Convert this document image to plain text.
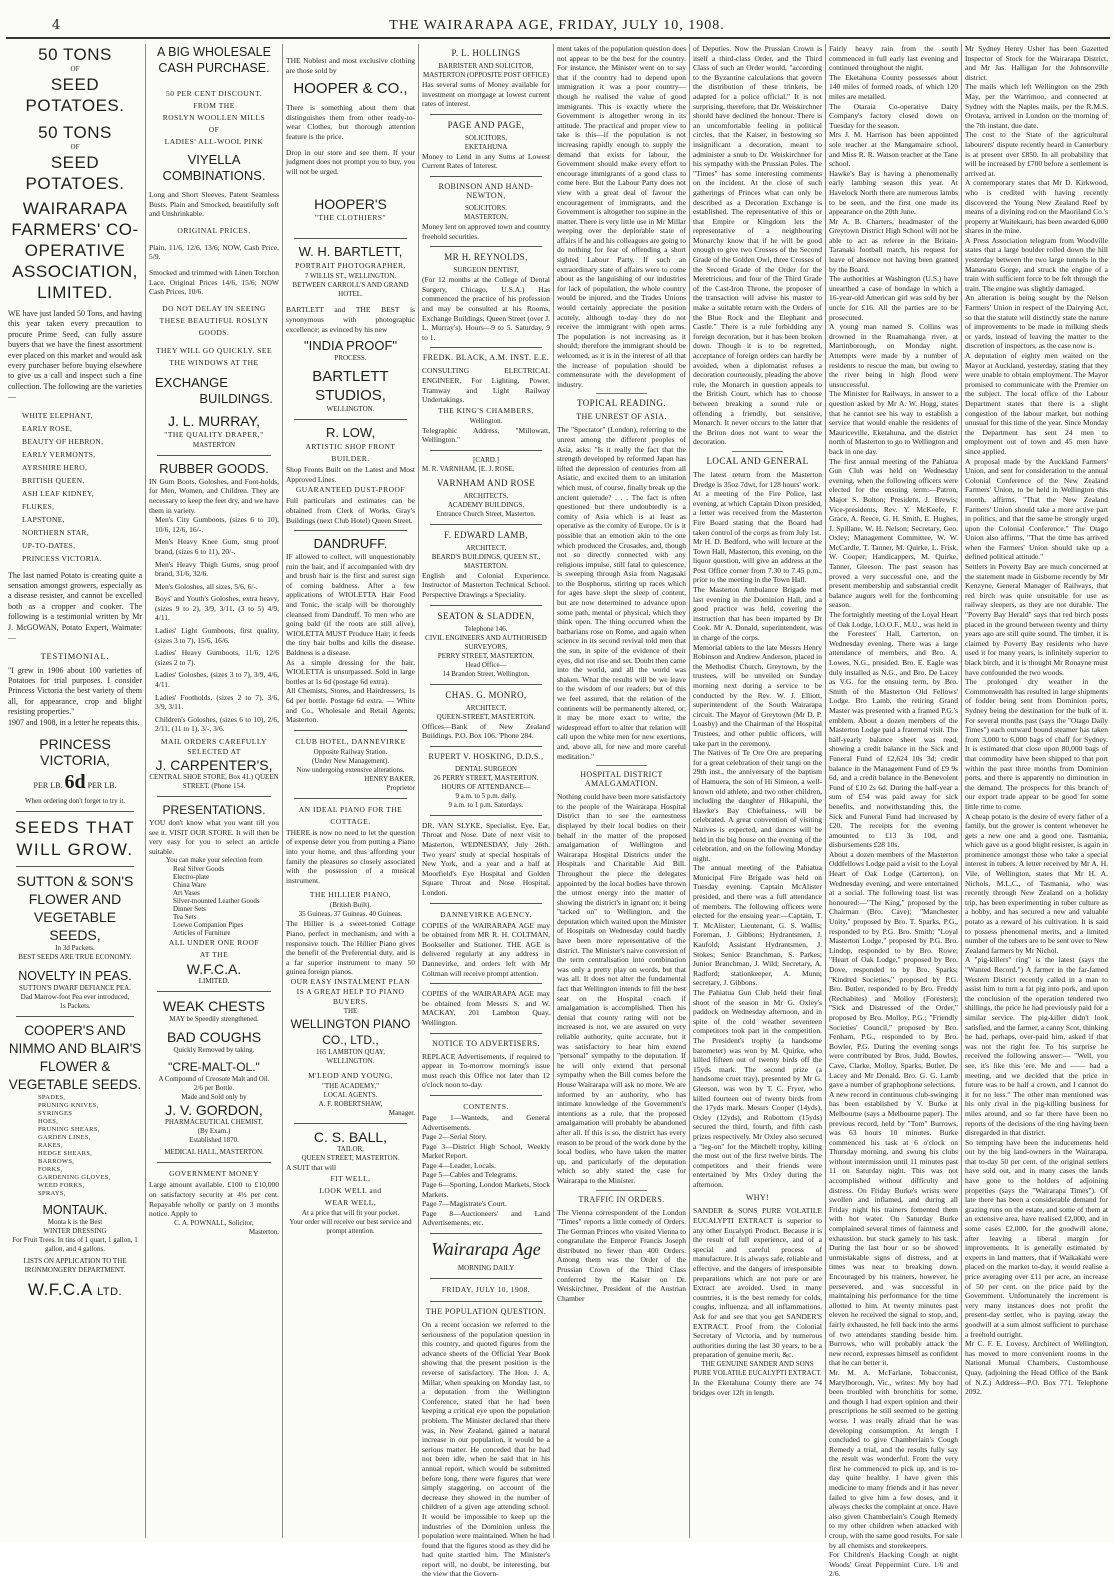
4	THE WAIRARAPA AGE, FRIDAY, JULY 10, 1908.
50 TONS
OF
SEED POTATOES.
50 TONS
OF
SEED POTATOES.
WAIRARAPA FARMERS' CO-OPERATIVE ASSOCIATION, LIMITED.
WE have just landed 50 Tons, and having this year taken every precaution to procure Prime Seed, can fully assure buyers that we have the finest assortment ever placed on this market and would ask every purchaser before buying elsewhere to give us a call and inspect such a fine collection. The following are the varieties —
WHITE ELEPHANT,
EARLY ROSE,
BEAUTY OF HEBRON,
EARLY VERMONTS,
AYRSHIRE HERO,
BRITISH QUEEN,
ASH LEAF KIDNEY,
FLUKES,
LAPSTONE,
NORTHERN STAR,
UP-TO-DATES,
PRINCESS VICTORIA.
The last named Potato is creating quite a sensation amongst growers, especially as a disease resister, and cannot be excelled both as a cropper and cooker. The following is a testimonial written by Mr J. McGOWAN, Potato Expert, Waimate:—
TESTIMONIAL.
"I grew in 1906 about 100 varieties of Potatoes for trial purposes. I consider Princess Victoria the best variety of them all, for appearance, crop and blight resisting properties."
1907 and 1908, in a letter he repeats this.
PRINCESS VICTORIA,
PER LB. 6d PER LB.
When ordering don't forget to try it.
SEEDS THAT WILL GROW.
SUTTON & SON'S FLOWER AND VEGETABLE SEEDS,
In 3d Packets.
BEST SEEDS ARE TRUE ECONOMY.
NOVELTY IN PEAS.
SUTTON'S DWARF DEFIANCE PEA.
Dad Marrow-foot Pea ever introduced,
1s Packets.
COOPER'S AND NIMMO AND BLAIR'S FLOWER & VEGETABLE SEEDS.
SPADES,
PRUNING KNIVES,
SYRINGES
HOES,
PRUNING SHEARS,
GARDEN LINES,
RAKES,
HEDGE SHEARS,
BARROWS,
FORKS,
GARDENING GLOVES,
WEED FORKS,
SPRAYS,
MONTAUK.
Monta k is the Best
WINTER DRESSING
For Fruit Trees. In tins of 1 quart, 1 gallon, 1 gallon, and 4 gallons.
LISTS ON APPLICATION TO THE IRONMONGERY DEPARTMENT.
W.F.C.A LTD.
A BIG WHOLESALE
CASH PURCHASE.
50 PER CENT DISCOUNT.
FROM THE
ROSLYN WOOLLEN MILLS
OF
LADIES' ALL-WOOL PINK
VIYELLA
COMBINATIONS.
Long and Short Sleeves, Patent Seamless Busts. Plain and Smocked, beautifully soft and Unshrinkable.
ORIGINAL PRICES.
Plain, 11/6, 12/6, 13/6; NOW, Cash Price, 5/9.
Smocked and trimmed with Linen Torchon Lace. Original Prices 14/6, 15/6; NOW Cash Prices, 10/6.
DO NOT DELAY IN SEEING THESE BEAUTIFUL ROSLYN GOODS.
THEY WILL GO QUICKLY. SEE THE WINDOWS AT THE
EXCHANGE
BUILDINGS.
J. L. MURRAY,
"THE QUALITY DRAPER,"
MASTERTON
RUBBER GOODS.
IN Gum Boots, Goloshes, and Foot-holds, for Men, Women, and Children. They are necessary to keep the feet dry, and we have them in variety.

Men's City Gumboots, (sizes 6 to 10), 10/6, 12/6, 16/-.

Men's Heavy Knee Gum, snug proof brand, (sizes 6 to 11), 20/-.

Men's Heavy Thigh Gums, snug proof brand, 31/6, 32/6.

Men's Goloshes, all sizes, 5/6, 6/-.

Boys' and Youth's Goloshes, extra heavy, (sizes 9 to 2), 3/9, 3/11, (3 to 5) 4/9, 4/11.

Ladies' Light Gumboots, first quality, (sizes 3 to 7), 15/6, 16/6.

Ladies' Heavy Gumboots, 11/6, 12/6 (sizes 2 to 7).

Ladies' Goloshes, (sizes 3 to 7), 3/9, 4/6, 4/11.

Ladies' Footholds, (sizes 2 to 7), 3/6, 3/9, 3/11.

Children's Goloshes, (sizes 6 to 10), 2/6, 2/11, (11 to 1), 3/-, 3/6.

MAIL ORDERS CAREFULLY SELECTED AT
J. CARPENTER'S,
CENTRAL SHOE STORE, Box 41.) QUEEN STREET. (Phone 154.
PRESENTATIONS.
YOU don't know what you want till you see it. VISIT OUR STORE. It will then be very easy for you to select an article suitable.
You can make your selection from
Real Silver Goods
Electro-plate
China Ware
Art Vases
Silver-mounted Leather Goods
Dinner Sets
Tea Sets
Loewe Companion Pipes
Articles of Furniture
ALL UNDER ONE ROOF
AT THE
W.F.C.A.
LIMITED.
WEAK CHESTS
MAY be Speedily strengthened.
BAD COUGHS
Quickly Removed by taking.
"CRE-MALT-OL."
A Compound of Creosote Malt and Oil.
2/6 per Bottle.
Made and Sold only by
J. V. GORDON,
PHARMACEUTICAL CHEMIST,
(By Exam.)
Established 1870.
MEDICAL HALL, MASTERTON.
GOVERNMENT MONEY
Large amount available. £100 to £10,000 on satisfactory security at 4½ per cent. Repayable wholly or partly on 3 months notice. Apply to
C. A. POWNALL, Solicitor,
Masterton.
THE Noblest and most exclusive clothing are those sold by
HOOPER & CO.,
There is something about them that distinguishes them from other ready-to-wear Clothes, but thorough attention feature is the price.
Drop in our store and see them. If your judgment does not prompt you to buy, you will not be urged.
HOOPER'S
"THE CLOTHIERS"
W. H. BARTLETT,
PORTRAIT PHOTOGRAPHER,
7 WILLIS ST., WELLINGTON.
BETWEEN CARROLL'S AND GRAND HOTEL.
BARTLETT and THE BEST is synonymous with photographic excellence; as evinced by his new
"INDIA PROOF"
PROCESS.
BARTLETT STUDIOS,
WELLINGTON.
R. LOW,
ARTISTIC SHOP FRONT BUILDER.
Shop Fronts Built on the Latest and Most Approved Lines.
GUARANTEED DUST-PROOF
Full particulars and estimates can be obtained from Clerk of Works, Gray's Buildings (next Club Hotel) Queen Street.
DANDRUFF.
IF allowed to collect, will unquestionably ruin the hair, and if accompanied with dry and brush hair is the first and surest sign of coming baldness. After a few applications of WIOLETTA Hair Food and Tonic, the scalp will be thoroughly cleansed from Dandruff. To men who are going bald (if the roots are still alive), WIOLETTA MUST Produce Hair; it feeds the tiny hair bulbs and kills the disease. Baldness is a disease.
As a simple dressing for the hair, WIOLETTA is unsurpassed. Sold in large bottles at 1s 6d (postage 6d extra).
All Chemists, Stores, and Hairdressers, 1s 6d per bottle. Postage 6d extra. — White and Co., Wholesale and Retail Agents, Masterton.
CLUB HOTEL, DANNEVIRKE
Opposite Railway Station.
(Under New Management).
Now undergoing extensive alterations.
HENRY BAKER,
Proprietor
AN IDEAL PIANO FOR THE COTTAGE.
THERE is now no need to let the question of expense deter you from putting a Piano into your home, and thus affording your family the pleasures so closely associated with the possession of a musical instrument.
THE HILLIER PIANO,
(British Built).
35 Guineas. 37 Guineas. 40 Guineas.
The Hillier is a sweet-toned Cottage Piano, perfect in mechanism, and with a responsive touch. The Hillier Piano gives the benefit of the Preferential duty, and is a far superior instrument to many 50 guinea foreign pianos.
OUR EASY INSTALMENT PLAN IS A GREAT HELP TO PIANO BUYERS.
THE
WELLINGTON PIANO CO., LTD.,
165 LAMBTON QUAY,
WELLINGTON.
M'LEOD AND YOUNG,
"THE ACADEMY,"
LOCAL AGENTS.
A. F. ROBERTSHAW,
Manager.
C. S. BALL,
TAILOR,
QUEEN STREET, MASTERTON.
A SUIT that will
FIT WELL,
LOOK WELL and
WEAR WELL,
At a price that will fit your pocket.
Your order will receive our best service and prompt attention.
P. L. HOLLINGS
BARRISTER AND SOLICITOR,
MASTERTON (OPPOSITE POST OFFICE)
Has several sums of Money available for investment on mortgage at lowest current rates of interest.
PAGE AND PAGE,
SOLICITORS,
EKETAHUNA
Money to Lend in any Sums at Lowest Current Rates of Interest.
ROBINSON AND HAND-NEWTON,
SOLICITORS.
MASTERTON.
Money lent on approved town and country freehold securities.
MR H. REYNOLDS,
SURGEON DENTIST,
(For 12 months at the College of Dental Surgery, Chicago, U.S.A.) Has commenced the practice of his profession and may be consulted at his Rooms, Exchange Buildings, Queen Street (over J. L. Murray's). Hours—9 to 5. Saturday, 9 to 1.
FREDK. BLACK, A.M. INST. E.E.
CONSULTING ELECTRICAL ENGINEER, For Lighting, Power, Tramway and Light Railway Undertakings.
THE KING'S CHAMBERS,
Wellington.
Telegraphic Address, "Millowatt, Wellington."
[CARD.]
M. R. VARNHAM, [E. J. ROSE.
VARNHAM AND ROSE
ARCHITECTS,
ACADEMY BUILDINGS,
Entrance Church Street, Masterton.
F. EDWARD LAMB,
ARCHITECT,
BEARD'S BUILDINGS, QUEEN ST., MASTERTON.
English and Colonial Experience. Instructor of Masterton Technical School. Perspective Drawings a Speciality.
SEATON & SLADDEN,
Telephone 146.
CIVIL ENGINEERS AND AUTHORISED SURVEYORS,
PERRY STREET, MASTERTON,
Head Office—
14 Brandon Street, Wellington.
CHAS. G. MONRO,
ARCHITECT,
QUEEN-STREET, MASTERTON.
Offices—Bank of New Zealand Buildings. P.O. Box 106. 'Phone 284.
RUPERT V. HOSKING, D.D.S.,
DENTAL SURGEON
26 PERRY STREET, MASTERTON.
HOURS OF ATTENDANCE—
9 a.m. to 5 p.m. daily.
9 a.m. to 1 p.m. Saturdays.
DR. VAN SLYKE, Specialist, Eye, Ear, Throat and Nose. Date of next visit to Masterton, WEDNESDAY, July 26th. Two years' study at special hospitals of New York, and a year and a half at Moorfield's Eye Hospital and Golden Square Throat and Nose Hospital, London.
DANNEVIRKE AGENCY.
COPIES of the WAIRARAPA AGE may be obtained from MR R. H. COLTMAN, Bookseller and Stationer. THE AGE is delivered regularly at any address in Dannevirke, and orders left with Mr Coltman will receive prompt attention.
COPIES of the WAIRARAPA AGE may be obtained from Messrs S. and W. MACKAY, 201 Lambton Quay, Wellington.
NOTICE TO ADVERTISERS.
REPLACE Advertisements, if required to appear in To-morrow morning's issue must reach this Office not later than 12 o'clock noon to-day.
CONTENTS.
Page 1—Wanteds, and General Advertisements.
Page 2—Serial Story.
Page 3—District High School, Weekly Market Report.
Page 4—Leader, Locals.
Page 5—Cables and Telegrams.
Page 6—Sporting, London Markets, Stock Markets.
Page 7—Magistrate's Court.
Page 8—Auctioneers' and Land Advertisements, etc.
Wairarapa Age
MORNING DAILY
FRIDAY, JULY 10, 1908.
THE POPULATION QUESTION.
On a recent occasion we referred to the seriousness of the population question in this country, and quoted figures from the advance sheets of the Official Year Book showing that the present position is the reverse of satisfactory. The Hon. J. A. Millar, when speaking on Monday last, to a deputation from the Wellington Conference, stated that he had been keeping a critical eye upon the population problem. The Minister declared that there was, in New Zealand, gained a natural increase in our population, it would be a serious matter. He conceded that he had not been idle, when he said that in his annual report, which would be submitted before long, there were figures that were simply staggering, on account of the decrease they showed in the number of children of a given age attending school. It would be impossible to keep up the industries of the Dominion unless the population were maintained. When he had found that the figures stood as they did he had quite startled him. The Minister's report will, no doubt, be interesting, but the view that the Govern-
ment takes of the population question does not appear to be the best for the country. For instance, the Minister went on to say that if the country had to depend upon immigration it was a poor country—though he realised the value of good immigrants. This is exactly where the Government is altogether wrong in its attitude. The practical and proper view to take is this—if the population is not increasing rapidly enough to supply the demand that exists for labour, the Government should make every effort to encourage immigrants of a good class to come here. But the Labour Party does not view with a great deal of favour the encouragement of immigrants, and the Government is altogether too supine in the matter. There is very little use in Mr Millar weeping over the deplorable state of affairs if he and his colleagues are going to do nothing for fear of offending a short sighted Labour Party. If such an extraordinary state of affairs were to come about as the languishing of our industries for lack of population, the whole country would be injured, and the Trades Unions would certainly appreciate the position acutely, although to-day they do not receive the immigrant with open arms. The population is not increasing as it should; therefore the immigrant should be welcomed, as it is in the interest of all that the increase of population should be commensurate with the development of industry.
TOPICAL READING.
THE UNREST OF ASIA.
The "Spectator" (London), referring to the unrest among the different peoples of Asia, asks: "Is it really the fact that the strength developed by reformed Japan has lifted the depression of centuries from all Asiatic, and excited them to an imitation which must, of course, finally break up the ancient quietude? . . . The fact is often questioned but there undoubtedly is a comity of Asia which is at least as operative as the comity of Europe. Or is it possible that an emotion akin to the one which produced the Crusades, and, though not so directly connected with any religious impulse, still fatal to quiescence, is sweeping through Asia from Nagasaki to the Bosphorus, stirring up races which for ages have slept the sleep of content, but are now determined to advance upon some path, mental or physical, which they think open. The thing occurred when the barbarians rose on Rome, and again when science in its second revival told men that the sun, in spite of the evidence of their eyes, did not rise and set. Doubt then came into the world, and all the world was shaken. What the results will be we leave to the wisdom of our readers; but of this we feel assured, that the relation of the continents will be permanently altered, or, it may be more exact to write, the widespread effort to alter that relation will call upon the white men for new exertions, and, above all, for new and more careful meditation."
HOSPITAL DISTRICT AMALGAMATION.
Nothing could have been more satisfactory to the people of the Wairarapa Hospital District than to see the earnestness displayed by their local bodies on their behalf in the matter of the proposed amalgamation of Wellington and Wairarapa Hospital Districts under the Hospitals and Charitable Aid Bill. Throughout the piece the delegates appointed by the local bodies have thrown the utmost energy into the matter of showing the district's in ignant on; it being "tacked on" to Wellington, and the deputation which waited upon the Minister of Hospitals on Wednesday could hardly have been more representative of the district. The Minister's naive conversion of the term centralisation into combination was only a pretty play on words, but that was all. It does not alter the fundamental fact that Wellington intends to fill the best seat on the Hospital coach if amalgamation is accomplished. Then his denial that county rating will not be increased is not, we are assured on very reliable authority, quite accurate, but it was satisfactory to hear him extend "personal" sympathy to the deputation. If he will only extend that personal sympathy when the Bill comes before the House Wairarapa will ask no more. We are informed by an authority, who has intimate knowledge of the Government's intentions as a rule, that the proposed amalgamation will probably be abandoned after all. If this is so, the district has every reason to be proud of the work done by the local bodies, who have taken the matter up, and particularly of the deputation which so ably stated the case for Wairarapa to the Minister.
TRAFFIC IN ORDERS.
The Vienna correspondent of the London "Times" reports a little comedy of Orders. The German Princes who visited Vienna to congratulate the Emperor Francis Joseph distributed no fewer than 400 Orders. Among them was the Order of the Prussian Crown of the Third Class conferred by the Kaiser on Dr. Weiskirchner, President of the Austrian Chamber
of Deputies. Now the Prussian Crown is itself a third-class Order, and the Third Class of such an Order would, "according to the Byzantine calculations that govern the distribution of these trinkets, be adapted for a police official." It is not surprising, therefore, that Dr. Weiskirchner should have declined the honour. There is an uncomfortable feeling in political circles, that the Kaiser, in bestowing so insignificant a decoration, meant to administer a snub to Dr. Weiskirchner for his sympathy with the Prussian Poles. The "Times" has some interesting comments on the incident. At the close of such gatherings of Princes what can only be described as a Decoration Exchange is established. The representative of this or that Empire or Kingdom lets the representative of a neighbouring Monarchy know that if he will be good enough to give two Crosses of the Second Grade of the Golden Owl, three Crosses of the Second Grade of the Order for the Meretricious, and four of the Third Grade of the Cast-Iron Throne, the proposer of the transaction will advise his master to make a suitable return with the Orders of the Blue Rock and the Elephant and Castle." There is a rule forbidding any foreign decoration, but it has been broken down. Though it is to be regretted, acceptance of foreign orders can hardly be avoided, when a diplomatist refuses a decoration courteously, pleading the above rule, the Monarch in question appeals to the British Court, which has to choose between breaking a sound rule or offending a friendly, but sensitive, Monarch. It never occurs to the latter that the Briton does not want to wear the decoration.
LOCAL AND GENERAL
The latest return from the Masterton Dredge is 35oz 7dwt, for 128 hours' work.
At a meeting of the Fire Police, last evening, at which Captain Dixon presided, a letter was received from the Masterton Fire Board stating that the Board had taken control of the corps as from July 1st.
Mr H. D. Bedford, who will lecture at the Town Hall, Masterton, this evening, on the liquor question, will give an address at the Post Office corner from 7.30 to 7.45 p.m., prior to the meeting in the Town Hall.
The Masterton Ambulance Brigade met last evening in the Dominion Hall, and a good practice was held, covering the instruction that has been imparted by Dr Cook. Mr A. Donald, superintendent, was in charge of the corps.
Memorial tablets to the late Messrs Henry Robinson and Andrew Anderson, placed in the Methodist Church, Greytown, by the trustees, will be unveiled on Sunday morning next during a service to be conducted by the Rev. W. J. Elliott, superintendent of the South Wairarapa circuit. The Mayor of Greytown (Mr D. P. Loasby) and the Chairman of the Hospital Trustees, and other public officers, will take part in the ceremony.
The Natives of Te Ore Ore are preparing for a great celebration of their tangi on the 29th inst., the anniversary of the baptism of Hamuera, the son of Hi Simeon, a well-known old athlete, and two other children, including the daughter of Hikapuhi, the Hawke's Bay Chieftainess, will be celebrated. A great convention of visiting Natives is expected, and dances will be held in the big house on the evening of the celebration, and on the following Monday night.
The annual meeting of the Pahiatua Municipal Fire Brigade was held on Tuesday evening. Captain McAlister presided, and there was a full attendance of members. The following officers were elected for the ensuing year:—Captain, T. T. McAlister; Lieutenant, G. S. Wallis; Foreman, J. Gibbons; Hydrantsmen, J. Kaufold; Assistant Hydrantsmen, J. Stokes; Senior Branchman, S. Parkes; Junior Branchman, J. Wild; Secretary, A. Radford; stationkeeper, A. Munn; secretary, J. Gibbons.
The Pahiatua Gun Club held their final shoot of the season in Mr G. Oxley's paddock on Wednesday afternoon, and in spite of the cold weather seventeen competitors took part in the competition. The President's trophy (a handsome barometer) was won by M. Quirke, who killed fifteen out of twenty birds off the 15yds mark. The second prize (a handsome cruet tray), presented by Mr G. Gleeson, was won by T. C. Fryer, who killed fourteen out of twenty birds from the 17yds mark. Messrs Cooper (14yds), Oxley (12yds), and Robottom (15yds) secured the third, fourth, and fifth cash prizes respectively. Mr Oxley also secured a "leg-on" for the Mitchell trophy, killing the most out of the first twelve birds. The competitors and their friends were entertained by Mrs Oxley during the afternoon.
WHY!
SANDER & SONS PURE VOLATILE EUCALYPTI EXTRACT is superior to any other Eucalypti Product. Because it is the result of full experience, and of a special and careful process of manufacture. It is always safe, reliable and effective, and the dangers of irresponsible preparations which are not pure or are Extract are avoided. Used in many countries, it is the best remedy for colds, coughs, influenza, and all inflammations. Ask for and see that you get SANDER'S EXTRACT. Proof from the Colonial Secretary of Victoria, and by numerous authorities during the last 30 years, to be a preparation of genuine merit, &c.
THE GENUINE SANDER AND SONS PURE VOLATILE EUCALYPTI EXTRACT.
In the Eketahuna County there are 74 bridges over 12ft in length.
Fairly heavy rain from the south commenced in full early last evening and continued throughout the night.
The Eketahuna County possesses about 140 miles of formed roads, of which 120 miles are metalled.
The Otaraia Co-operative Dairy Company's factory closed down on Tuesday for the season.
Mrs J. M. Harrison has been appointed sole teacher at the Mangamaire school, and Miss R. R. Watson teacher at the Tane school.
Hawke's Bay is having a phenomenally early lambing season this year. At Havelock North there are numerous lambs to be seen, and the first one made its appearance on the 20th June.
Mr A. B. Charters, headmaster of the Greytown District High School will not be able to act as referee in the Britain-Taranaki football match, his request for leave of absence not having been granted by the Board.
The authorities at Washington (U.S.) have unearthed a case of bondage in which a 16-year-old American girl was sold by her uncle for £16. All the parties are to be prosecuted.
A young man named S. Collins was drowned in the Ruamahanga river, at Martinborough, on Monday night. Attempts were made by a number of residents to rescue the man, but owing to the river being in high flood were unsuccessful.
The Minister for Railways, in answer to a question asked by Mr A. W. Hogg, states that he cannot see his way to establish a service that would enable the residents of Mauriceville, Eketahuna, and the district north of Masterton to go to Wellington and back in one day.
The first annual meeting of the Pahiatua Gun Club was held on Wednesday evening, when the following officers were elected for the ensuing term:—Patron, Major S. Bolton; President, J. Brewis; Vice-presidents, Rev. Y. McKeefe, F. Grace, A. Reece, G. H. Smith, E. Hughes, J. Spillane, W. H. Nelson; Secretary, Geo. Oxley; Management Committee, W. W. McCardle, T. Tanner, M. Quirke, L. Frisk, W. Cooper; Handicappers, M. Quirke, Tanner, Gleeson. The past season has proved a very successful one, and the present membership and substantial credit balance augurs well for the forthcoming season.
The fortnightly meeting of the Loyal Heart of Oak Lodge, I.O.O.F., M.U., was held in the Foresters' Hall, Carterton, on Wednesday evening. There was a large attendance of members, and Bro. A. Lowes, N.G., presided. Bro. E. Eagle was duly installed as N.G., and Bro. De Lacey as V.G. for the ensuing term, by Bro. Smith of the Masterton Old Fellows' Lodge. Bro Lamb, the retiring Grand Master was presented with a framed P.G.'s emblem. About a dozen members of the Masterton Lodge paid a fraternal visit. The half-yearly balance sheet was read, showing a credit balance in the Sick and Funeral Fund of £2,624 10s 3d; credit balance in the Management Fund of £9 9s 6d, and a credit balance in the Benevolent Fund of £10 2s 6d. During the half-year a sum of £54 was paid away for sick benefits, and notwithstanding this, the Sick and Funeral Fund had increased by £20. The receipts for the evening amounted to £13 3s 10d, and disbursements £28 10s.
About a dozen members of the Masterton Oddfellows Lodge paid a visit to the Loyal Heart of Oak Lodge (Carterton), on Wednesday evening, and were entertained at a social. The following toast list was honoured:—"The King," proposed by the Chairman (Bro. Cave); "Manchester Unity," proposed by Bro. T. Sparks, P.G., responded to by P.G. Bro. Smith; "Loyal Masterton Lodge," proposed by P.G. Bro. Lindop, responded to by Bro. Rowe; "Heart of Oak Lodge," proposed by Bro. Dove, responded to by Bro. Sparks; "Kindred Societies," proposed by P.G. Bro. Butler, responded to by Bro. Freddy (Rechabites) and Molloy (Foresters); "Sick and Distressed of the Order," proposed by Bro. Molloy, P.G.; "Friendly Societies' Council," proposed by Bro. Fenham, P.G., responded to by Bro. Bowler, P.G. During the evening songs were contributed by Bros. Judd, Bowles, Cave, Clarke, Molloy, Sparks, Butler, De Lacey and Mr Donald. Bro. G. G. Lamb gave a number of graphophone selections.
A new record in continuous club-swinging has been established by V. Burke at Melbourne (says a Melbourne paper). The previous record, held by "Tom" Burrows, was 63 hours 10 minutes. Burke commenced his task at 6 o'clock on Thursday morning, and swung his clubs without intermission until 11 minutes past 11 on Saturday night. This was not accomplished without difficulty and distress. On Friday Burke's wrists were swollen and inflamed, and during all Friday night his trainers fomented them with hot water. On Saturday Burke complained several times of faintness and exhaustion, but stuck gamely to his task. During the last hour or so he showed unmistakable signs of distress, and at times was near to breaking down. Encouraged by his trainers, however, he persevered, and was successful in maintaining his performance for the time allotted to him. At twenty minutes past eleven he received the signal to stop, and, fairly exhausted, he fell back into the arms of two attendants standing beside him. Burrows, who will probably attack the new record, expresses himself as confident that he can better it.
Mr. M. A. McFarlane, Tobacconist, Marylborough, Vic., writes: My boy had been troubled with bronchitis for some, and though I had expert opinion and their prescriptions he still seemed to be getting worse. I was really afraid that he was developing consumption. At length I concluded to give Chamberlain's Cough Remedy a trial, and the results fully say the result was wonderful. From the very first he commenced to pick up, and is to-day quite healthy. I have given this medicine to many friends and it has never failed to give him a few doses, and it always checks the complaint at once. Have also given Chamberlain's Cough Remedy to my other children when attacked with croup, with the same good results. For sale by all chemists and storekeepers.
For Children's Hacking Cough at night Woods' Great Peppermint Cure. 1/6 and 2/6.
Mr Sydney Henry Usher has been Gazetted Inspector of Stock for the Wairarapa District, and Mr Jas. Halligan for the Johnsonville district.
The mails which left Wellington on the 29th May, per the Warrimoo, and connected at Sydney with the Naples mails, per the R.M.S. Orotava, arrived in London on the morning of the 7th instant, due date.
The cost to the State of the agricultural labourers' dispute recently heard in Canterbury is at present over £850. In all probability that will be increased by £700 before a settlement is arrived at.
A contemporary states that Mr D. Kirkwood, who is credited with having recently discovered the Young New Zealand Reef by means of a divining rod on the Maoriland Co.'s property at Waitekauri, has been awarded 6,000 shares in the mine.
A Press Association telegram from Woodville states that a large boulder rolled down the hill yesterday between the two large tunnels in the Manawatu Gorge, and struck the engine of a train with sufficient force to be felt through the train. The engine was slightly damaged.
An alteration is being sought by the Nelson Farmers' Union in respect of the Dairying Act, so that the statute will distinctly state the nature of improvements to be made in milking sheds or yards, instead of leaving the matter to the discretion of inspectors, as the case now is.
A deputation of eighty men waited on the Mayor at Auckland, yesterday, stating that they were unable to obtain employment. The Mayor promised to communicate with the Premier on the subject. The local office of the Labour Department states that there is a slight congestion of the labour market, but nothing unusual for this time of the year. Since Monday the Department has sent 24 men to employment out of town and 45 men have since applied.
A proposal made by the Auckland Farmers' Union, and sent for consideration to the annual Colonial Conference of the New Zealand Farmers' Union, to be held in Wellington this month, affirms, "That the New Zealand Farmers' Union should take a more active part in politics, and that the same be strongly urged upon the Colonial Conference." The Otago Union also affirms, "That the time has arrived when the Farmers' Union should take up a defined political attitude."
Settlers in Poverty Bay are much concerned at the statement made in Gisborne recently by Mr Kenzyne, General Manager of Railways, that red birch was quite unsuitable for use as railway sleepers, as they are not durable. The "Poverty Bay Herald" says that red birch posts placed in the ground between twenty and thirty years ago are still quite sound. The timber, it is claimed by Poverty Bay residents who have used it for many years, is infinitely superior to black birch, and it is thought Mr Ronayne must have confounded the two woods.
The prolonged dry weather in the Commonwealth has resulted in large shipments of fodder being sent from Dominion ports, Sydney being the destination for the bulk of it. For several months past (says the "Otago Daily Times") each outward bound steamer has taken from 3,000 to 6,000 bags of chaff for Sydney. It is estimated that close upon 80,000 bags of that commodity have been shipped to that port within the past three months from Dominion ports, and there is apparently no diminution in the demand. The prospects for this branch of our export trade appear to be good for some little time to come.
A cheap potato is the desire of every father of a family, but the grower is content whenever he gets a new one and a good one. Tasmania, which gave us a good blight resister, is again in prominence amongst those who take a special interest in tubers. A letter received by Mr A. H. Vile, of Wellington, states that Mr H. A. Nichols, M.L.C., of Tasmania, who was recently through New Zealand on a holiday trip, has been experimenting in tuber culture as a hobby, and has secured a new and valuable potato as a reward of his cultivation. It is said to possess phenomenal merits, and a limited number of the tubers are to be sent over to New Zealand farmers by Mr Nichol.
A "pig-killers" ring" is the latest (says the "Wanted Record.") A farmer in the far-famed Western District recently called in a man to assist him to turn a fat pig into pork, and upon the conclusion of the operation tendered two shillings, the price he had previously paid for a similar service. The pig-killer didn't look satisfied, and the farmer, a canny Scot, thinking he had, perhaps, over-paid him, asked if that was not the right fee. To his surprise he received the following answer:— "Well, you see, it's like this 'ere. Me and —— had a meeting, and we decided that the price in future was to be half a crown, and I cannot do it for no less." The other man mentioned was his only rival in the pig-killing business for miles around, and so far there have been no reports of the decisions of the ring having been disregarded in that district.
So tempting have been the inducements held out by the big land-owners in the Wairarapa, that to-day 50 per cent. of the original settlers have sold out, and in many cases the lands have gone to the holders of adjoining properties (says the "Wairarapa Times"). Of late there has been a considerable demand for grazing runs on the estate, and some of them at an extensive area, have realised £2,000, and in some cases £2,000, for the goodwill alone, after leaving a liberal margin for improvements. It is generally estimated by experts in land matters, that if Waikakahi were placed on the market to-day, it would realise a price averaging over £11 per acre, an increase of 50 per cent. on the price paid by the Government. Unfortunately the increment is very many instances does not profit the present-day settler, who is paying away the goodwill at a sum almost sufficient to purchase a freehold outright.
Mr C. F. E. Lovesy, Architect of Wellington, has moved to more convenient rooms in the National Mutual Chambers, Customhouse Quay, (adjoining the Head Office of the Bank of N.Z.) Address—P.O. Box 771. Telephone 2092.
